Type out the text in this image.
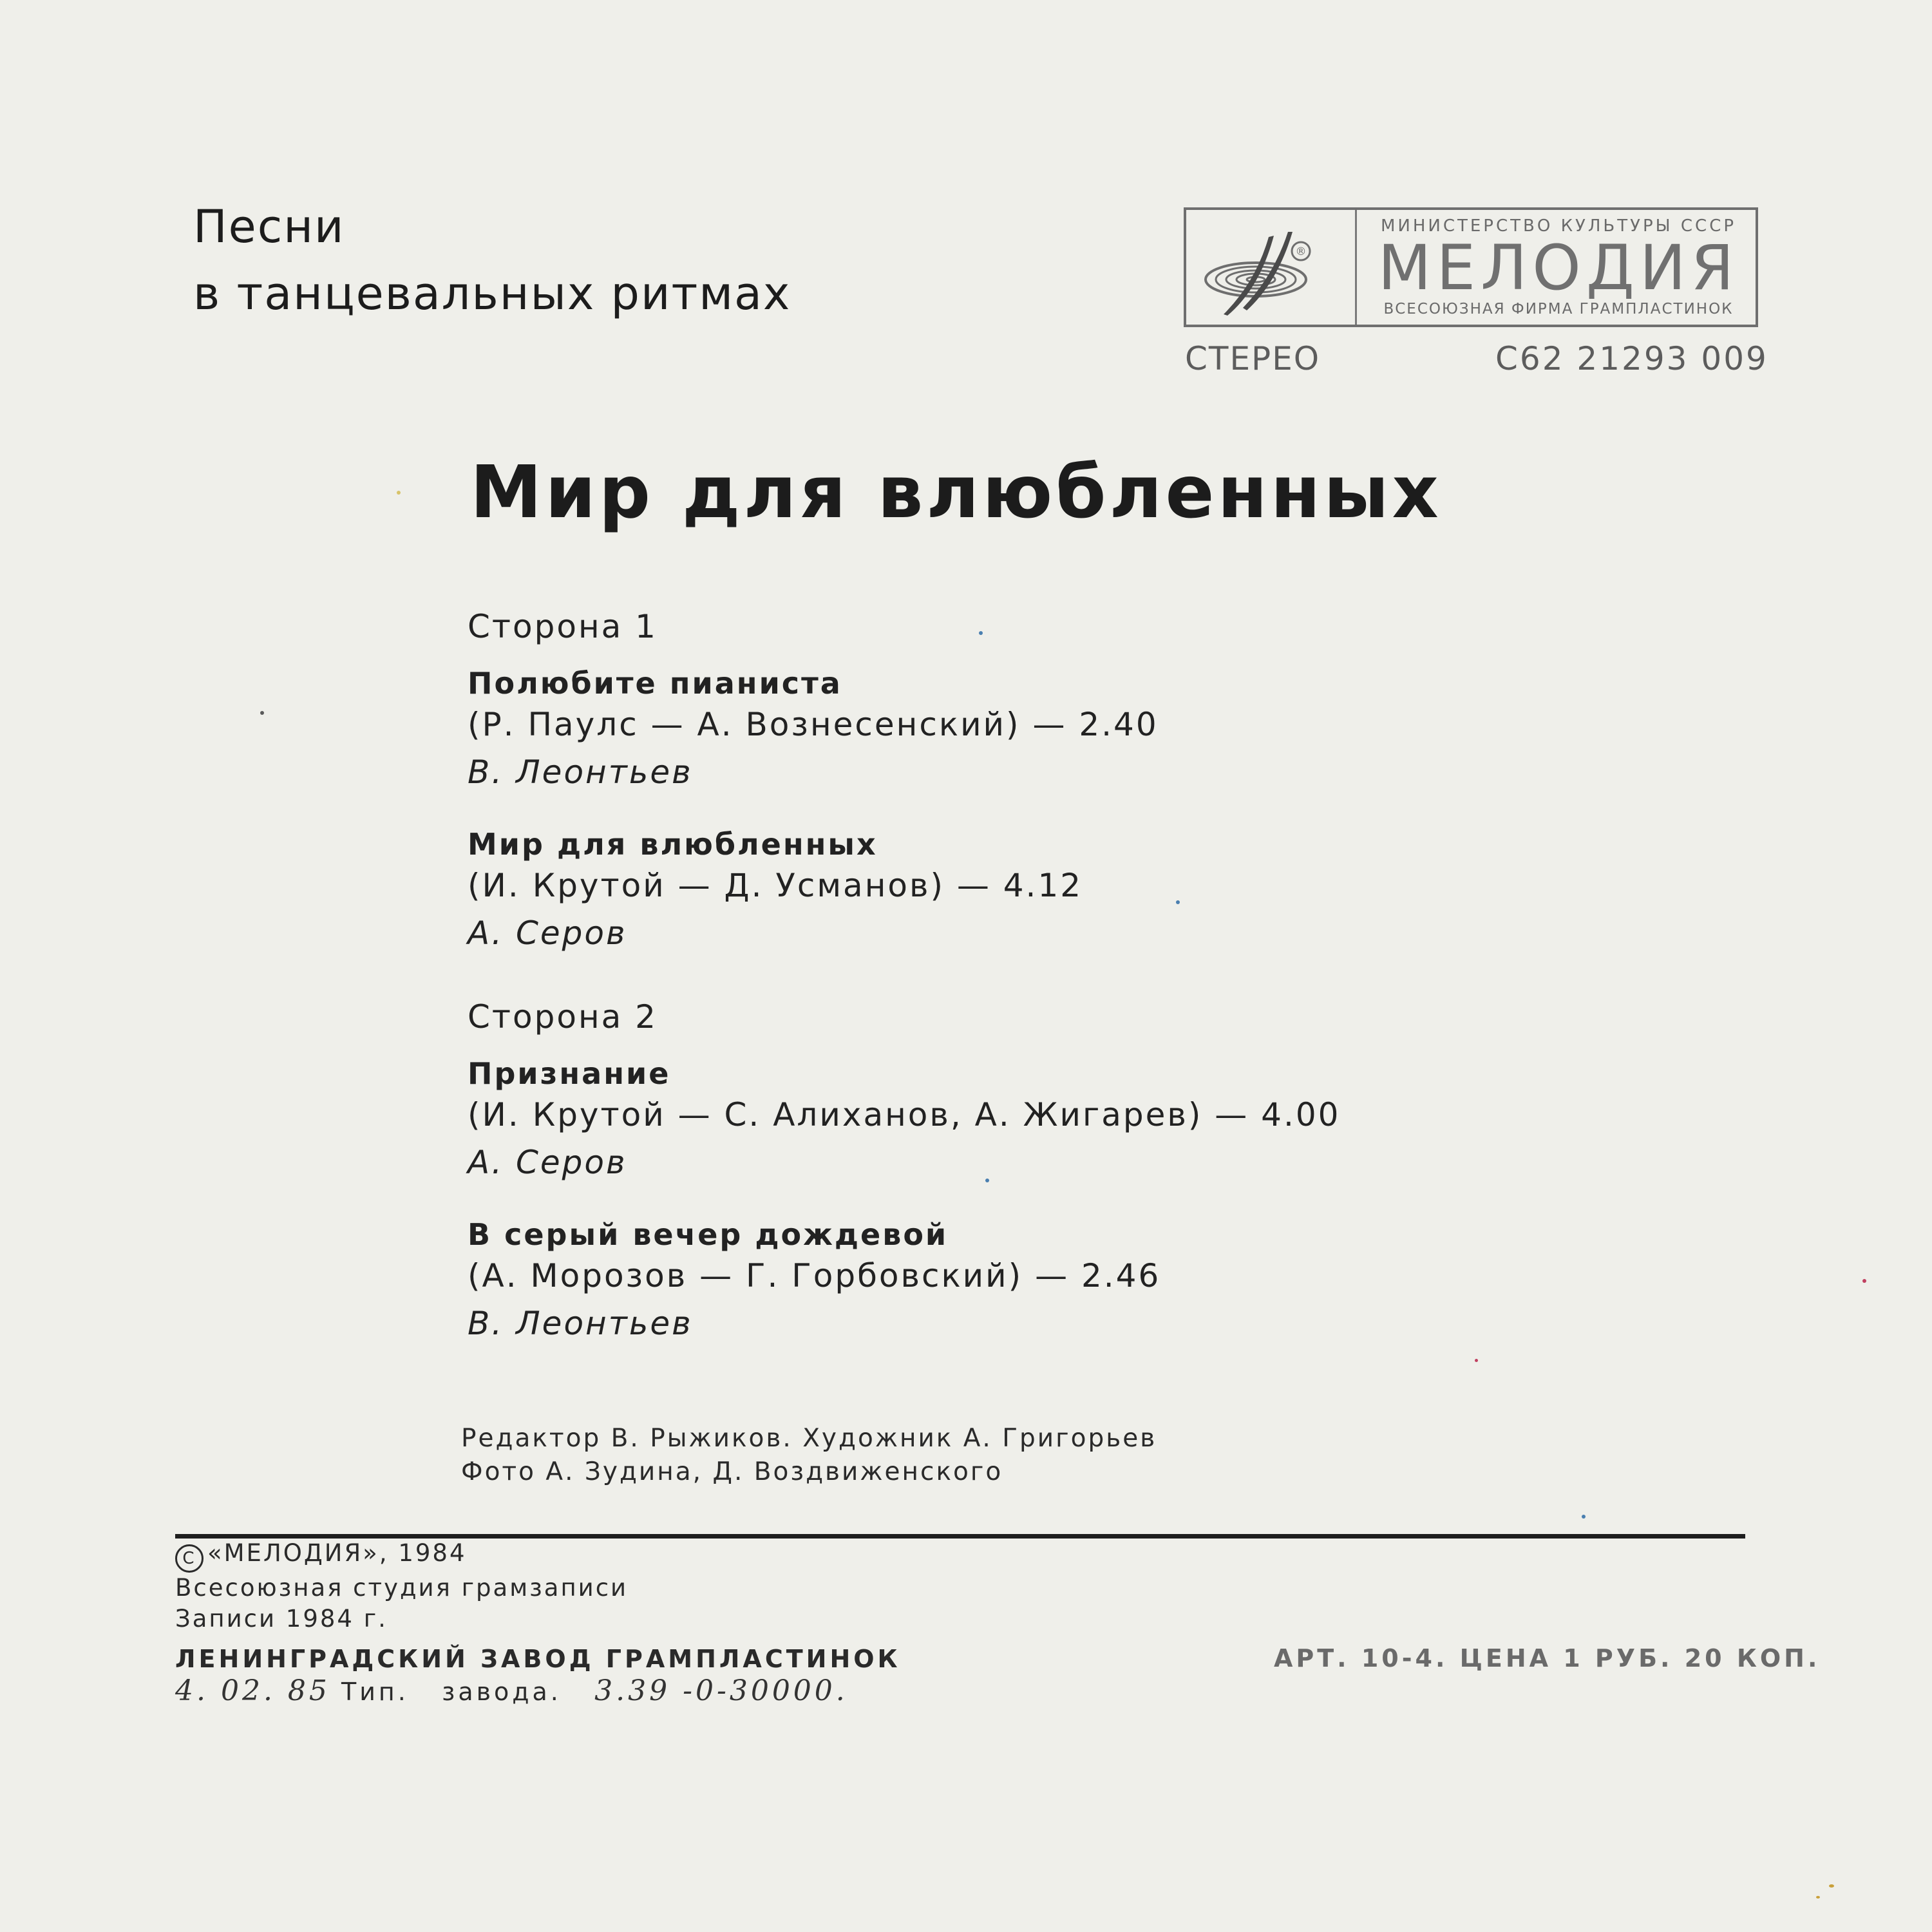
Песни
в танцевальных ритмах
®
МИНИСТЕРСТВО КУЛЬТУРЫ СССР
МЕЛОДИЯ
ВСЕСОЮЗНАЯ ФИРМА ГРАМПЛАСТИНОК
СТЕРЕО	С62 21293 009
Мир для влюбленных
Сторона 1
Полюбите пианиста
(Р. Паулс — А. Вознесенский) — 2.40
В. Леонтьев
Мир для влюбленных
(И. Крутой — Д. Усманов) — 4.12
А. Серов
Сторона 2
Признание
(И. Крутой — С. Алиханов, А. Жигарев) — 4.00
А. Серов
В серый вечер дождевой
(А. Морозов — Г. Горбовский) — 2.46
В. Леонтьев
Редактор В. Рыжиков. Художник А. Григорьев
Фото А. Зудина, Д. Воздвиженского
C «МЕЛОДИЯ», 1984
Всесоюзная студия грамзаписи
Записи 1984 г.
ЛЕНИНГРАДСКИЙ ЗАВОД ГРАМПЛАСТИНОК
4. 02. 85 Тип. завода. 3.39 -0-30000.
АРТ. 10-4. ЦЕНА 1 РУБ. 20 КОП.
